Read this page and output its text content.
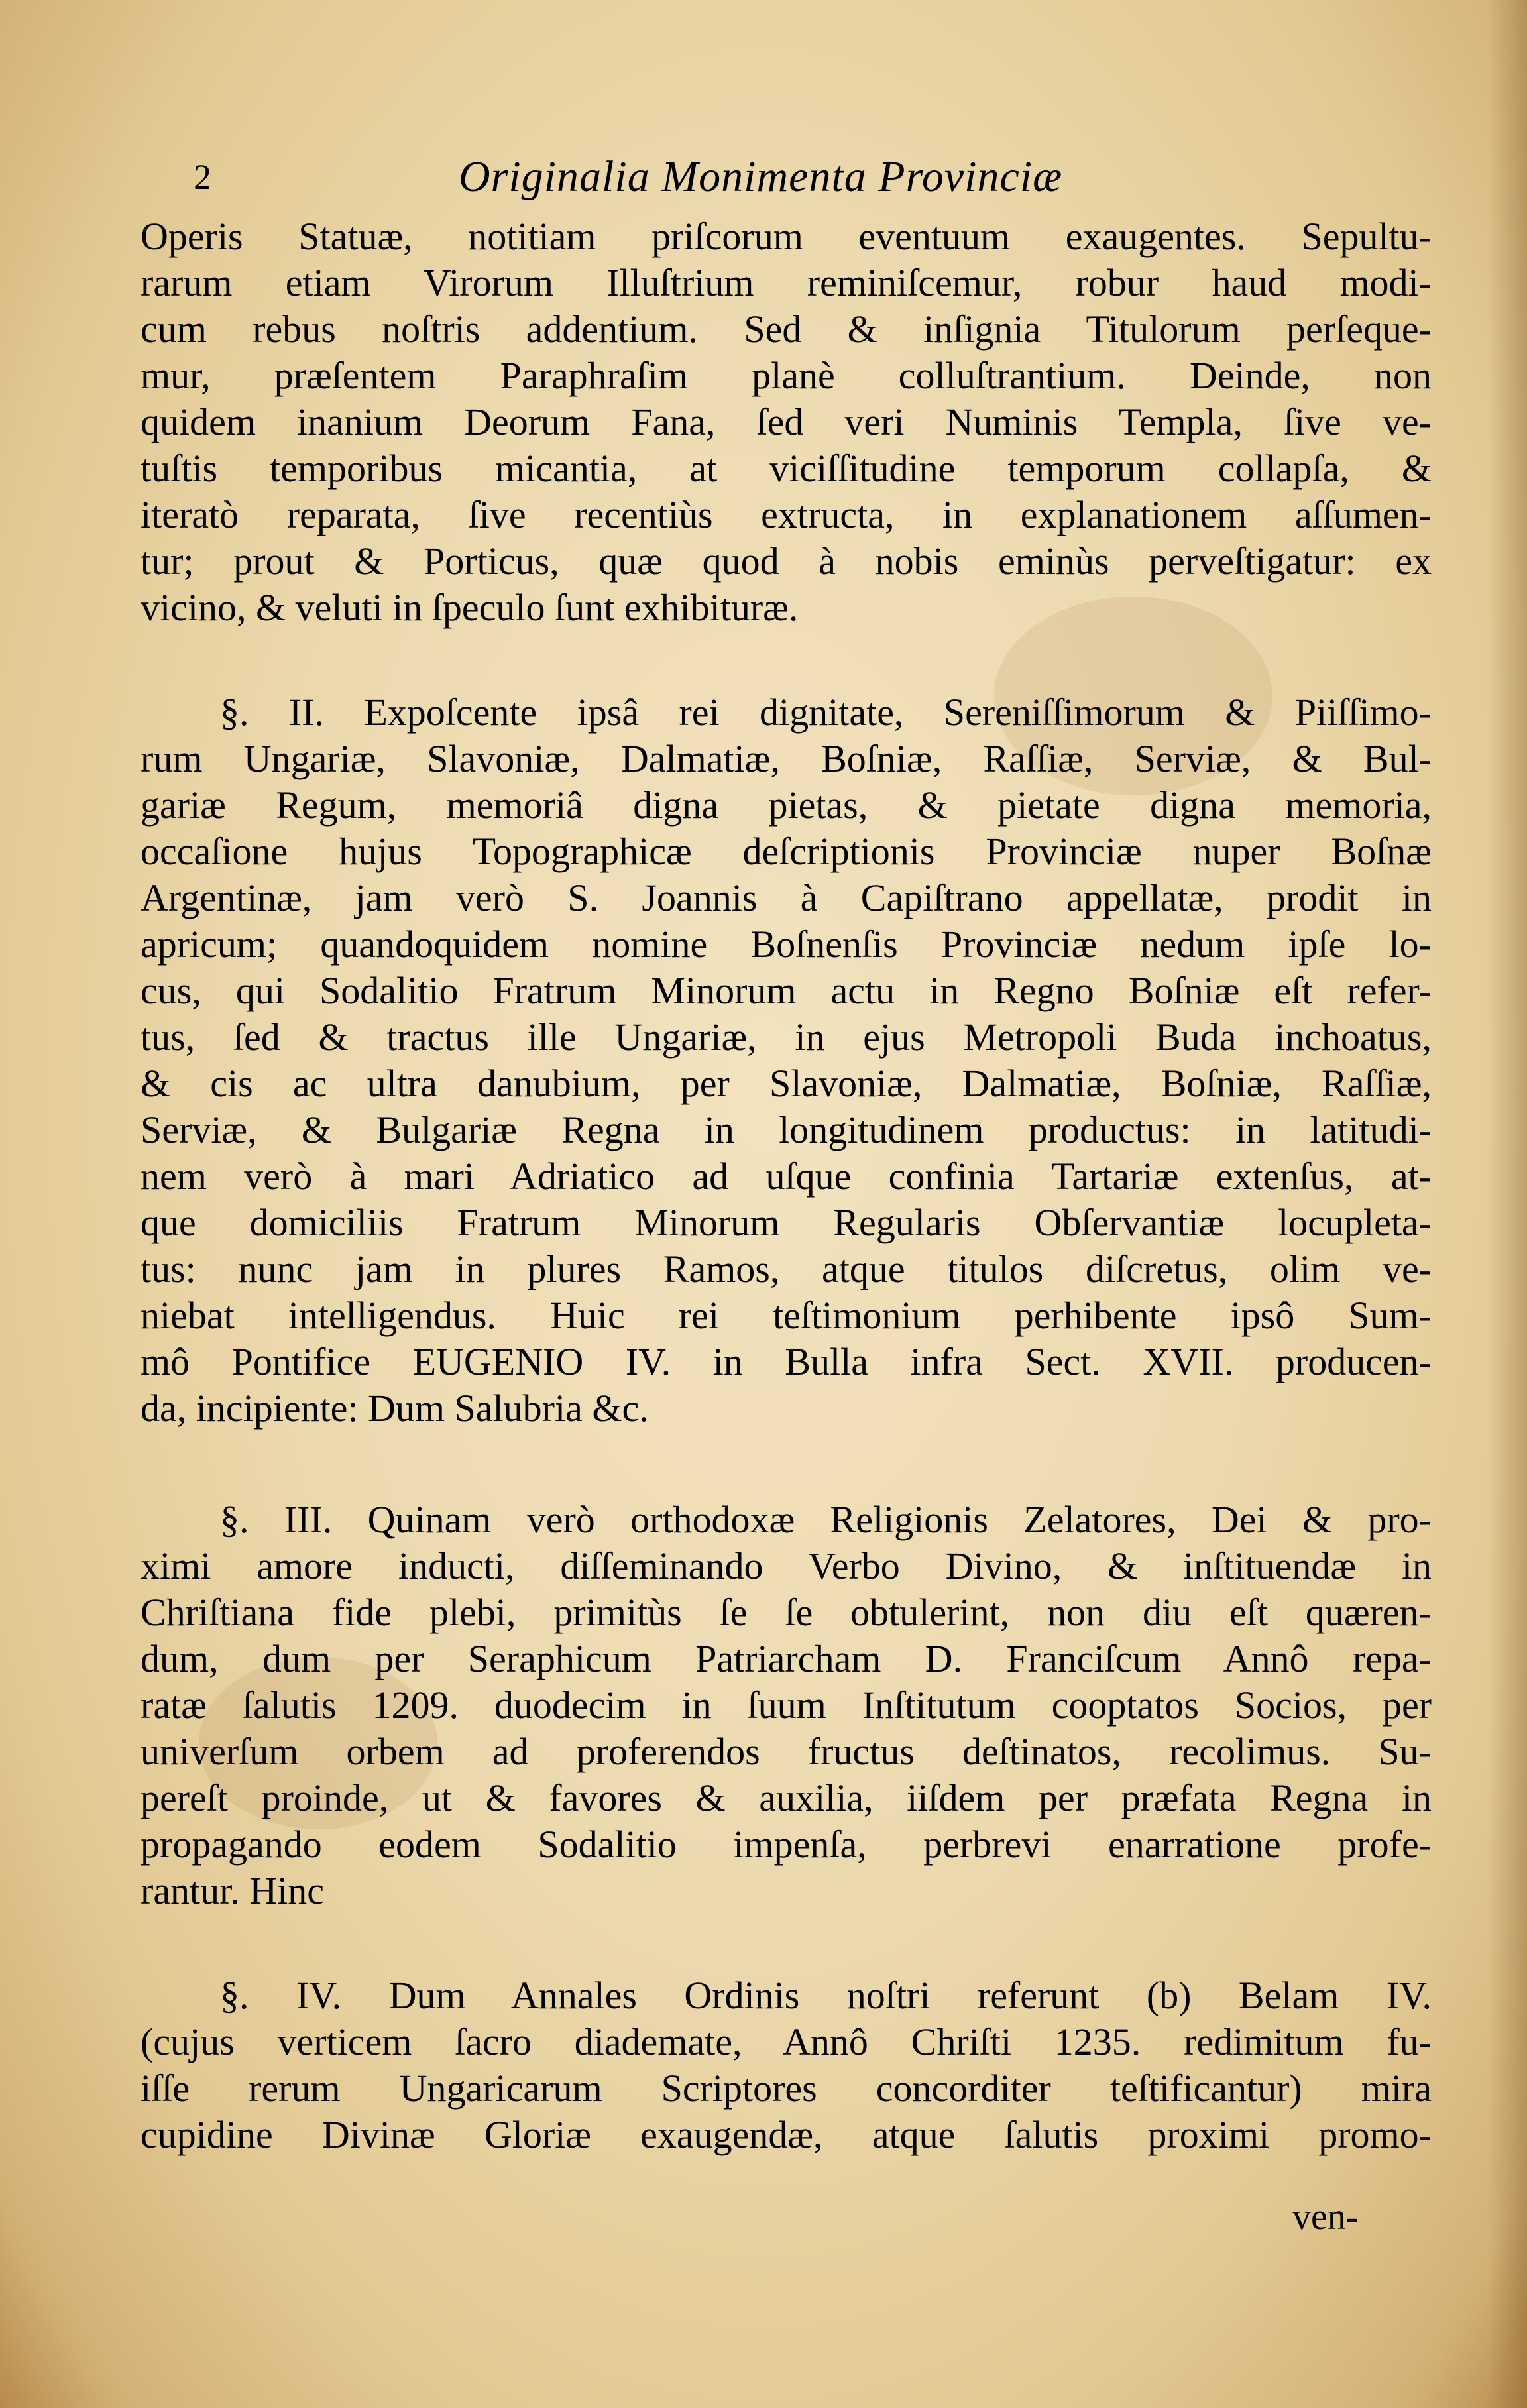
2	Originalia Monimenta Provinciæ
Operis Statuæ, notitiam priſcorum eventuum exaugentes. Sepultu-
rarum etiam Virorum Illuſtrium reminiſcemur, robur haud modi-
cum rebus noſtris addentium. Sed & inſignia Titulorum perſeque-
mur, præſentem Paraphraſim planè colluſtrantium. Deinde, non
quidem inanium Deorum Fana, ſed veri Numinis Templa, ſive ve-
tuſtis temporibus micantia, at viciſſitudine temporum collapſa, &
iteratò reparata, ſive recentiùs extructa, in explanationem aſſumen-
tur; prout & Porticus, quæ quod à nobis eminùs perveſtigatur: ex
vicino, & veluti in ſpeculo ſunt exhibituræ.
§. II. Expoſcente ipsâ rei dignitate, Sereniſſimorum & Piiſſimo-
rum Ungariæ, Slavoniæ, Dalmatiæ, Boſniæ, Raſſiæ, Serviæ, & Bul-
gariæ Regum, memoriâ digna pietas, & pietate digna memoria,
occaſione hujus Topographicæ deſcriptionis Provinciæ nuper Boſnæ
Argentinæ, jam verò S. Joannis à Capiſtrano appellatæ, prodit in
apricum; quandoquidem nomine Boſnenſis Provinciæ nedum ipſe lo-
cus, qui Sodalitio Fratrum Minorum actu in Regno Boſniæ eſt refer-
tus, ſed & tractus ille Ungariæ, in ejus Metropoli Buda inchoatus,
& cis ac ultra danubium, per Slavoniæ, Dalmatiæ, Boſniæ, Raſſiæ,
Serviæ, & Bulgariæ Regna in longitudinem productus: in latitudi-
nem verò à mari Adriatico ad uſque confinia Tartariæ extenſus, at-
que domiciliis Fratrum Minorum Regularis Obſervantiæ locupleta-
tus: nunc jam in plures Ramos, atque titulos diſcretus, olim ve-
niebat intelligendus. Huic rei teſtimonium perhibente ipsô Sum-
mô Pontifice EUGENIO IV. in Bulla infra Sect. XVII. producen-
da, incipiente: Dum Salubria &c.
§. III. Quinam verò orthodoxæ Religionis Zelatores, Dei & pro-
ximi amore inducti, diſſeminando Verbo Divino, & inſtituendæ in
Chriſtiana fide plebi, primitùs ſe ſe obtulerint, non diu eſt quæren-
dum, dum per Seraphicum Patriarcham D. Franciſcum Annô repa-
ratæ ſalutis 1209. duodecim in ſuum Inſtitutum cooptatos Socios, per
univerſum orbem ad proferendos fructus deſtinatos, recolimus. Su-
pereſt proinde, ut & favores & auxilia, iiſdem per præfata Regna in
propagando eodem Sodalitio impenſa, perbrevi enarratione profe-
rantur. Hinc
§. IV. Dum Annales Ordinis noſtri referunt (b) Belam IV.
(cujus verticem ſacro diademate, Annô Chriſti 1235. redimitum fu-
iſſe rerum Ungaricarum Scriptores concorditer teſtificantur) mira
cupidine Divinæ Gloriæ exaugendæ, atque ſalutis proximi promo-
ven-
